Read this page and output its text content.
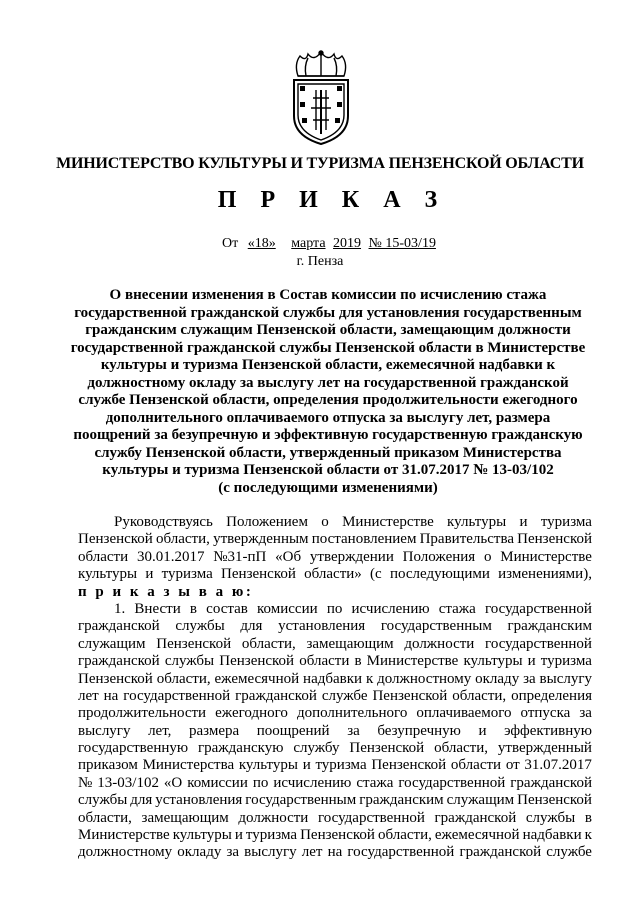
МИНИСТЕРСТВО КУЛЬТУРЫ И ТУРИЗМА ПЕНЗЕНСКОЙ ОБЛАСТИ
П Р И К А З
От «18» марта 2019 № 15-03/19
г. Пенза
О внесении изменения в Состав комиссии по исчислению стажа
государственной гражданской службы для установления государственным
гражданским служащим Пензенской области, замещающим должности
государственной гражданской службы Пензенской области в Министерстве
культуры и туризма Пензенской области, ежемесячной надбавки к
должностному окладу за выслугу лет на государственной гражданской
службе Пензенской области, определения продолжительности ежегодного
дополнительного оплачиваемого отпуска за выслугу лет, размера
поощрений за безупречную и эффективную государственную гражданскую
службу Пензенской области, утвержденный приказом Министерства
культуры и туризма Пензенской области от 31.07.2017 № 13-03/102
(с последующими изменениями)
Руководствуясь Положением о Министерстве культуры и туризма
Пензенской области, утвержденным постановлением Правительства Пензенской
области 30.01.2017 №31-пП «Об утверждении Положения о Министерстве
культуры и туризма Пензенской области» (с последующими изменениями),
п р и к а з ы в а ю:
1. Внести в состав комиссии по исчислению стажа государственной
гражданской службы для установления государственным гражданским
служащим Пензенской области, замещающим должности государственной
гражданской службы Пензенской области в Министерстве культуры и туризма
Пензенской области, ежемесячной надбавки к должностному окладу за выслугу
лет на государственной гражданской службе Пензенской области, определения
продолжительности ежегодного дополнительного оплачиваемого отпуска за
выслугу лет, размера поощрений за безупречную и эффективную
государственную гражданскую службу Пензенской области, утвержденный
приказом Министерства культуры и туризма Пензенской области от 31.07.2017
№ 13-03/102 «О комиссии по исчислению стажа государственной гражданской
службы для установления государственным гражданским служащим Пензенской
области, замещающим должности государственной гражданской службы в
Министерстве культуры и туризма Пензенской области, ежемесячной надбавки к
должностному окладу за выслугу лет на государственной гражданской службе
